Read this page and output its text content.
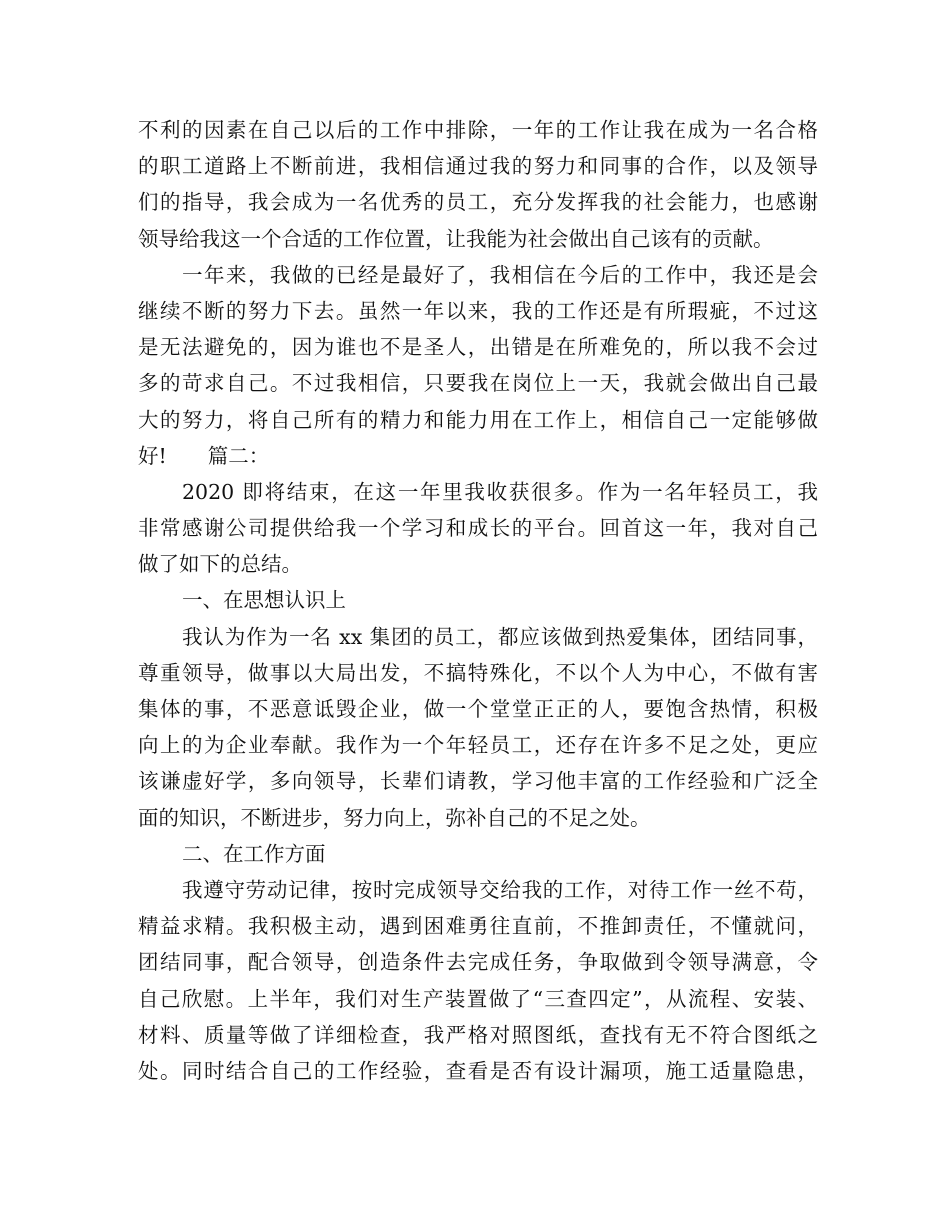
不利的因素在自己以后的工作中排除，一年的工作让我在成为一名合格
的职工道路上不断前进，我相信通过我的努力和同事的合作，以及领导
们的指导，我会成为一名优秀的员工，充分发挥我的社会能力，也感谢
领导给我这一个合适的工作位置，让我能为社会做出自己该有的贡献。
一年来，我做的已经是最好了，我相信在今后的工作中，我还是会
继续不断的努力下去。虽然一年以来，我的工作还是有所瑕疵，不过这
是无法避免的，因为谁也不是圣人，出错是在所难免的，所以我不会过
多的苛求自己。不过我相信，只要我在岗位上一天，我就会做出自己最
大的努力，将自己所有的精力和能力用在工作上，相信自己一定能够做
好!　　篇二：
2020 即将结束，在这一年里我收获很多。作为一名年轻员工，我
非常感谢公司提供给我一个学习和成长的平台。回首这一年，我对自己
做了如下的总结。
一、在思想认识上
我认为作为一名 xx 集团的员工，都应该做到热爱集体，团结同事，
尊重领导，做事以大局出发，不搞特殊化，不以个人为中心，不做有害
集体的事，不恶意诋毁企业，做一个堂堂正正的人，要饱含热情，积极
向上的为企业奉献。我作为一个年轻员工，还存在许多不足之处，更应
该谦虚好学，多向领导，长辈们请教，学习他丰富的工作经验和广泛全
面的知识，不断进步，努力向上，弥补自己的不足之处。
二、在工作方面
我遵守劳动记律，按时完成领导交给我的工作，对待工作一丝不苟，
精益求精。我积极主动，遇到困难勇往直前，不推卸责任，不懂就问，
团结同事，配合领导，创造条件去完成任务，争取做到令领导满意，令
自己欣慰。上半年，我们对生产装置做了“三查四定”，从流程、安装、
材料、质量等做了详细检查，我严格对照图纸，查找有无不符合图纸之
处。同时结合自己的工作经验，查看是否有设计漏项，施工适量隐患，
